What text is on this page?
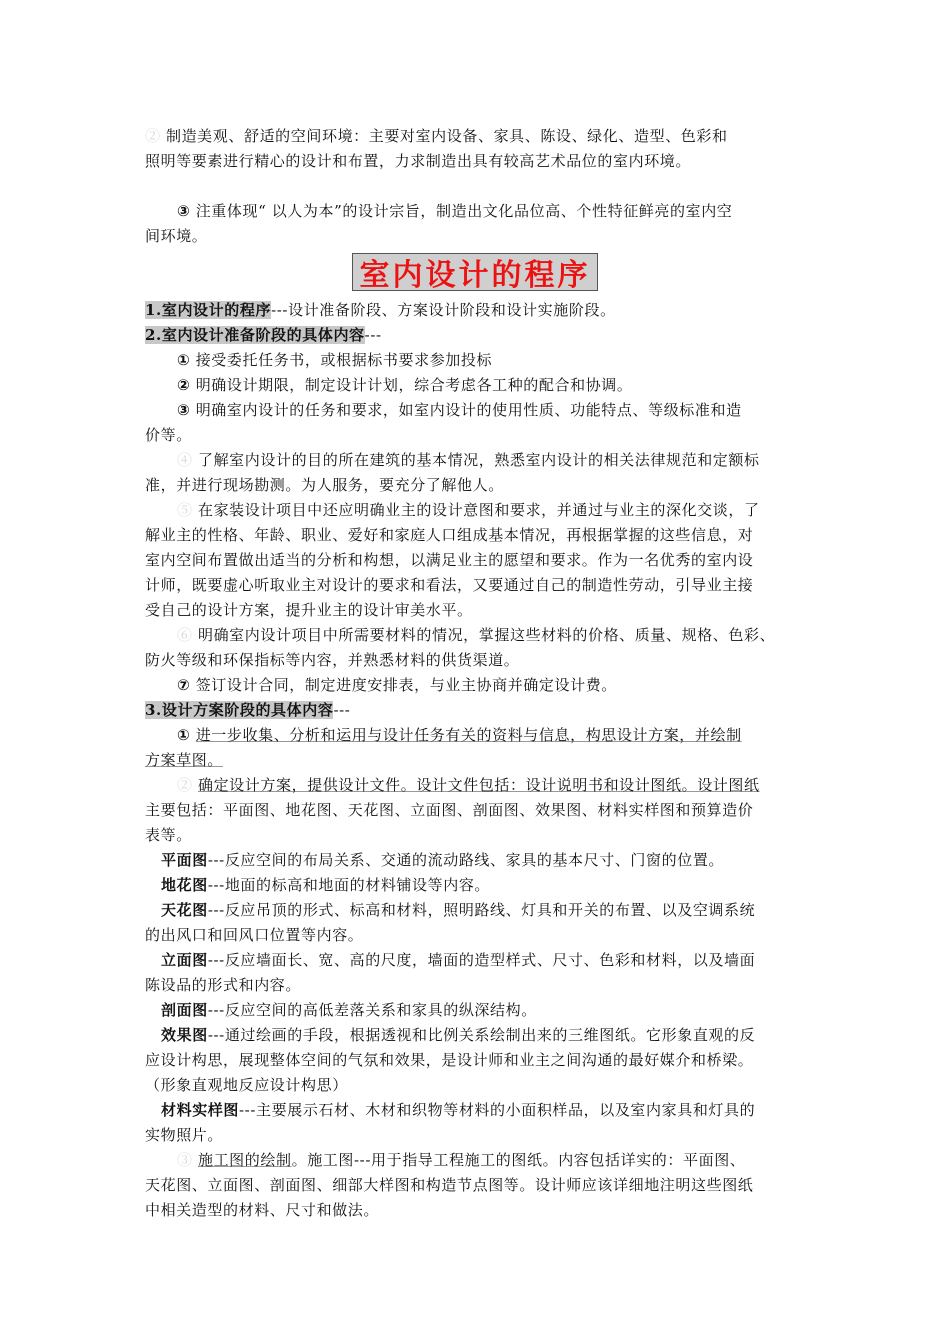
② 制造美观、舒适的空间环境：主要对室内设备、家具、陈设、绿化、造型、色彩和
照明等要素进行精心的设计和布置，力求制造出具有较高艺术品位的室内环境。
③ 注重体现“ 以人为本”的设计宗旨，制造出文化品位高、个性特征鲜亮的室内空
间环境。
室内设计的程序
1.室内设计的程序---设计准备阶段、方案设计阶段和设计实施阶段。
2.室内设计准备阶段的具体内容---
① 接受委托任务书，或根据标书要求参加投标
② 明确设计期限，制定设计计划，综合考虑各工种的配合和协调。
③ 明确室内设计的任务和要求，如室内设计的使用性质、功能特点、等级标准和造
价等。
④ 了解室内设计的目的所在建筑的基本情况，熟悉室内设计的相关法律规范和定额标
准，并进行现场勘测。为人服务，要充分了解他人。
⑤ 在家装设计项目中还应明确业主的设计意图和要求，并通过与业主的深化交谈，了
解业主的性格、年龄、职业、爱好和家庭人口组成基本情况，再根据掌握的这些信息，对
室内空间布置做出适当的分析和构想，以满足业主的愿望和要求。作为一名优秀的室内设
计师，既要虚心听取业主对设计的要求和看法，又要通过自己的制造性劳动，引导业主接
受自己的设计方案，提升业主的设计审美水平。
⑥ 明确室内设计项目中所需要材料的情况，掌握这些材料的价格、质量、规格、色彩、
防火等级和环保指标等内容，并熟悉材料的供货渠道。
⑦ 签订设计合同，制定进度安排表，与业主协商并确定设计费。
3.设计方案阶段的具体内容---
① 进一步收集、分析和运用与设计任务有关的资料与信息，构思设计方案，并绘制
方案草图。
② 确定设计方案，提供设计文件。设计文件包括：设计说明书和设计图纸。设计图纸
主要包括：平面图、地花图、天花图、立面图、剖面图、效果图、材料实样图和预算造价
表等。
平面图---反应空间的布局关系、交通的流动路线、家具的基本尺寸、门窗的位置。
地花图---地面的标高和地面的材料铺设等内容。
天花图---反应吊顶的形式、标高和材料，照明路线、灯具和开关的布置、以及空调系统
的出风口和回风口位置等内容。
立面图---反应墙面长、宽、高的尺度，墙面的造型样式、尺寸、色彩和材料，以及墙面
陈设品的形式和内容。
剖面图---反应空间的高低差落关系和家具的纵深结构。
效果图---通过绘画的手段，根据透视和比例关系绘制出来的三维图纸。它形象直观的反
应设计构思，展现整体空间的气氛和效果，是设计师和业主之间沟通的最好媒介和桥梁。
（形象直观地反应设计构思）
材料实样图---主要展示石材、木材和织物等材料的小面积样品，以及室内家具和灯具的
实物照片。
③ 施工图的绘制。施工图---用于指导工程施工的图纸。内容包括详实的：平面图、
天花图、立面图、剖面图、细部大样图和构造节点图等。设计师应该详细地注明这些图纸
中相关造型的材料、尺寸和做法。
